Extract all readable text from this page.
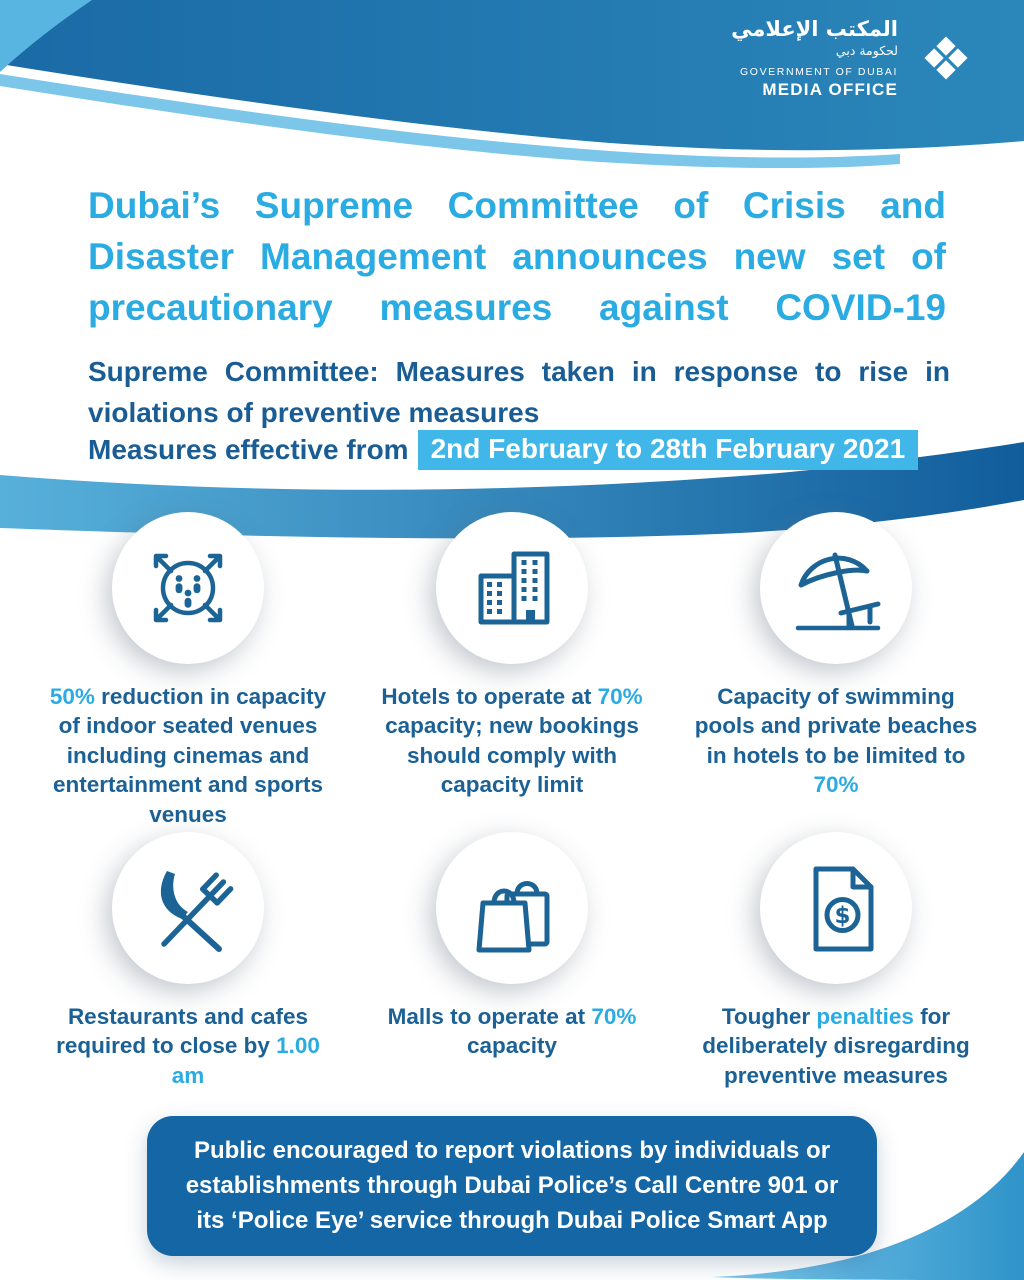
المكتب الإعلامي
لحكومة دبي
GOVERNMENT OF DUBAI
MEDIA OFFICE
Dubai’s Supreme Committee of Crisis and Disaster Management announces new set of precautionary measures against COVID-19
Supreme Committee: Measures taken in response to rise in violations of preventive measures
Measures effective from 2nd February to 28th February 2021

50% reduction in capacity of indoor seated venues including cinemas and entertainment and sports venues

Hotels to operate at 70% capacity; new bookings should comply with capacity limit

Capacity of swimming pools and private beaches in hotels to be limited to 70%

Restaurants and cafes required to close by 1.00 am

Malls to operate at 70% capacity

$

Tougher penalties for deliberately disregarding preventive measures

Public encouraged to report violations by individuals or
establishments through Dubai Police’s Call Centre 901 or
its ‘Police Eye’ service through Dubai Police Smart App
